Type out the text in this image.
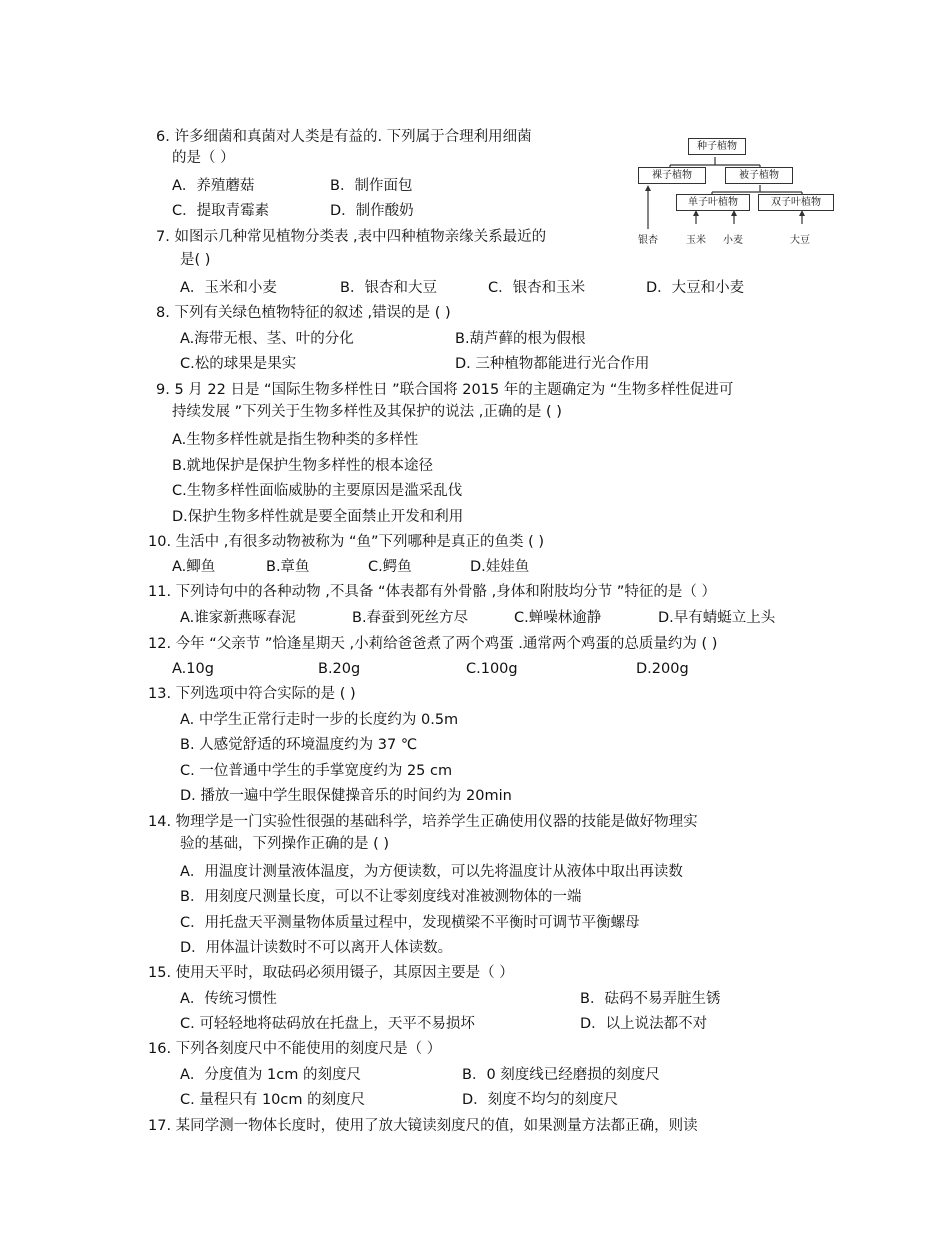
种子植物
裸子植物	被子植物
单子叶植物	双子叶植物
银杏	玉米 小麦	大豆
6. 许多细菌和真菌对人类是有益的. 下列属于合理利用细菌
的是（ ）
A．养殖蘑菇	B．制作面包
C．提取青霉素	D．制作酸奶
7. 如图示几种常见植物分类表 ,表中四种植物亲缘关系最近的
是( )
A．玉米和小麦	B．银杏和大豆	C．银杏和玉米	D．大豆和小麦
8. 下列有关绿色植物特征的叙述 ,错误的是 ( )
A.海带无根、茎、叶的分化	B.葫芦藓的根为假根
C.松的球果是果实	D. 三种植物都能进行光合作用
9. 5 月 22 日是 “国际生物多样性日 ”联合国将 2015 年的主题确定为 “生物多样性促进可
持续发展 ”下列关于生物多样性及其保护的说法 ,正确的是 ( )
A.生物多样性就是指生物种类的多样性
B.就地保护是保护生物多样性的根本途径
C.生物多样性面临威胁的主要原因是滥采乱伐
D.保护生物多样性就是要全面禁止开发和利用
10. 生活中 ,有很多动物被称为 “鱼”下列哪种是真正的鱼类 ( )
A.鲫鱼	B.章鱼	C.鳄鱼	D.娃娃鱼
11. 下列诗句中的各种动物 ,不具备 “体表都有外骨骼 ,身体和附肢均分节 ”特征的是（ ）
A.谁家新燕啄春泥	B.春蚕到死丝方尽	C.蝉噪林逾静	D.早有蜻蜓立上头
12. 今年 “父亲节 ”恰逢星期天 ,小莉给爸爸煮了两个鸡蛋 .通常两个鸡蛋的总质量约为 ( )
A.10g	B.20g	C.100g	D.200g
13. 下列选项中符合实际的是 ( )
A. 中学生正常行走时一步的长度约为 0.5m
B. 人感觉舒适的环境温度约为 37 ℃
C. 一位普通中学生的手掌宽度约为 25 cm
D. 播放一遍中学生眼保健操音乐的时间约为 20min
14. 物理学是一门实验性很强的基础科学，培养学生正确使用仪器的技能是做好物理实
验的基础，下列操作正确的是 ( )
A．用温度计测量液体温度，为方便读数，可以先将温度计从液体中取出再读数
B．用刻度尺测量长度，可以不让零刻度线对准被测物体的一端
C．用托盘天平测量物体质量过程中，发现横梁不平衡时可调节平衡螺母
D．用体温计读数时不可以离开人体读数。
15. 使用天平时，取砝码必须用镊子，其原因主要是（ ）
A．传统习惯性	B．砝码不易弄脏生锈
C. 可轻轻地将砝码放在托盘上，天平不易损坏	D．以上说法都不对
16. 下列各刻度尺中不能使用的刻度尺是（ ）
A．分度值为 1cm 的刻度尺	B．0 刻度线已经磨损的刻度尺
C. 量程只有 10cm 的刻度尺	D．刻度不均匀的刻度尺
17. 某同学测一物体长度时，使用了放大镜读刻度尺的值，如果测量方法都正确，则读
